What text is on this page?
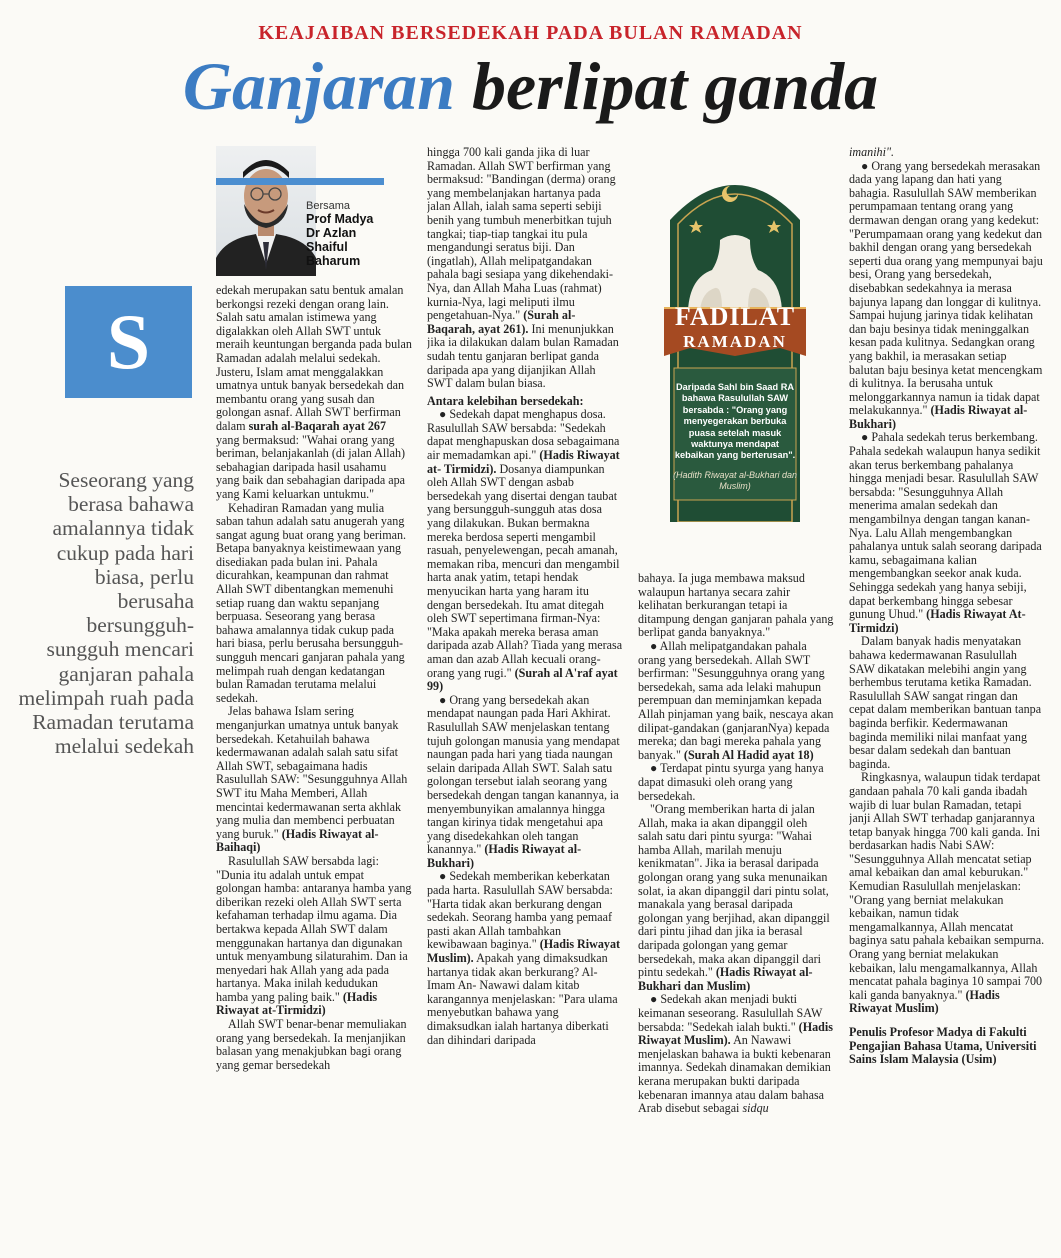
KEAJAIBAN BERSEDEKAH PADA BULAN RAMADAN
Ganjaran berlipat ganda
Bersama
Prof Madya
Dr Azlan Shaiful
Baharum
S
Seseorang yang berasa bahawa amalannya tidak cukup pada hari biasa, perlu berusaha bersungguh-sungguh mencari ganjaran pahala melimpah ruah pada Ramadan terutama melalui sedekah

edekah merupakan satu bentuk amalan berkongsi rezeki dengan orang lain. Salah satu amalan istimewa yang digalakkan oleh Allah SWT untuk meraih keuntungan berganda pada bulan Ramadan adalah melalui sedekah. Justeru, Islam amat menggalakkan umatnya untuk banyak bersedekah dan membantu orang yang susah dan golongan asnaf. Allah SWT berfirman dalam surah al-Baqarah ayat 267 yang bermaksud: "Wahai orang yang beriman, belanjakanlah (di jalan Allah) sebahagian daripada hasil usahamu yang baik dan sebahagian daripada apa yang Kami keluarkan untukmu."

Kehadiran Ramadan yang mulia saban tahun adalah satu anugerah yang sangat agung buat orang yang beriman. Betapa banyaknya keistimewaan yang disediakan pada bulan ini. Pahala dicurahkan, keampunan dan rahmat Allah SWT dibentangkan memenuhi setiap ruang dan waktu sepanjang berpuasa. Seseorang yang berasa bahawa amalannya tidak cukup pada hari biasa, perlu berusaha bersungguh-sungguh mencari ganjaran pahala yang melimpah ruah dengan kedatangan bulan Ramadan terutama melalui sedekah.

Jelas bahawa Islam sering menganjurkan umatnya untuk banyak bersedekah. Ketahuilah bahawa kedermawanan adalah salah satu sifat Allah SWT, sebagaimana hadis Rasulullah SAW: "Sesungguhnya Allah SWT itu Maha Memberi, Allah mencintai kedermawanan serta akhlak yang mulia dan membenci perbuatan yang buruk." (Hadis Riwayat al-Baihaqi)

Rasulullah SAW bersabda lagi: "Dunia itu adalah untuk empat golongan hamba: antaranya hamba yang diberikan rezeki oleh Allah SWT serta kefahaman terhadap ilmu agama. Dia bertakwa kepada Allah SWT dalam menggunakan hartanya dan digunakan untuk menyambung silaturahim. Dan ia menyedari hak Allah yang ada pada hartanya. Maka inilah kedudukan hamba yang paling baik." (Hadis Riwayat at-Tirmidzi)

Allah SWT benar-benar memuliakan orang yang bersedekah. Ia menjanjikan balasan yang menakjubkan bagi orang yang gemar bersedekah

hingga 700 kali ganda jika di luar Ramadan. Allah SWT berfirman yang bermaksud: "Bandingan (derma) orang yang membelanjakan hartanya pada jalan Allah, ialah sama seperti sebiji benih yang tumbuh menerbitkan tujuh tangkai; tiap-tiap tangkai itu pula mengandungi seratus biji. Dan (ingatlah), Allah melipatgandakan pahala bagi sesiapa yang dikehendaki-Nya, dan Allah Maha Luas (rahmat) kurnia-Nya, lagi meliputi ilmu pengetahuan-Nya." (Surah al-Baqarah, ayat 261). Ini menunjukkan jika ia dilakukan dalam bulan Ramadan sudah tentu ganjaran berlipat ganda daripada apa yang dijanjikan Allah SWT dalam bulan biasa.

Antara kelebihan bersedekah:

● Sedekah dapat menghapus dosa. Rasulullah SAW bersabda: "Sedekah dapat menghapuskan dosa sebagaimana air memadamkan api." (Hadis Riwayat at- Tirmidzi). Dosanya diampunkan oleh Allah SWT dengan asbab bersedekah yang disertai dengan taubat yang bersungguh-sungguh atas dosa yang dilakukan. Bukan bermakna mereka berdosa seperti mengambil rasuah, penyelewengan, pecah amanah, memakan riba, mencuri dan mengambil harta anak yatim, tetapi hendak menyucikan harta yang haram itu dengan bersedekah. Itu amat ditegah oleh SWT sepertimana firman-Nya: "Maka apakah mereka berasa aman daripada azab Allah? Tiada yang merasa aman dan azab Allah kecuali orang-orang yang rugi." (Surah al A'raf ayat 99)

● Orang yang bersedekah akan mendapat naungan pada Hari Akhirat. Rasulullah SAW menjelaskan tentang tujuh golongan manusia yang mendapat naungan pada hari yang tiada naungan selain daripada Allah SWT. Salah satu golongan tersebut ialah seorang yang bersedekah dengan tangan kanannya, ia menyembunyikan amalannya hingga tangan kirinya tidak mengetahui apa yang disedekahkan oleh tangan kanannya." (Hadis Riwayat al-Bukhari)

● Sedekah memberikan keberkatan pada harta. Rasulullah SAW bersabda: "Harta tidak akan berkurang dengan sedekah. Seorang hamba yang pemaaf pasti akan Allah tambahkan kewibawaan baginya." (Hadis Riwayat Muslim). Apakah yang dimaksudkan hartanya tidak akan berkurang? Al-Imam An- Nawawi dalam kitab karangannya menjelaskan: "Para ulama menyebutkan bahawa yang dimaksudkan ialah hartanya diberkati dan dihindari daripada

FADILAT
RAMADAN
Daripada Sahl bin Saad RA bahawa Rasulullah SAW bersabda : "Orang yang menyegerakan berbuka puasa setelah masuk waktunya mendapat kebaikan yang berterusan".
(Hadith Riwayat al-Bukhari dan Muslim)

bahaya. Ia juga membawa maksud walaupun hartanya secara zahir kelihatan berkurangan tetapi ia ditampung dengan ganjaran pahala yang berlipat ganda banyaknya."

● Allah melipatgandakan pahala orang yang bersedekah. Allah SWT berfirman: "Sesungguhnya orang yang bersedekah, sama ada lelaki mahupun perempuan dan meminjamkan kepada Allah pinjaman yang baik, nescaya akan dilipat-gandakan (ganjaranNya) kepada mereka; dan bagi mereka pahala yang banyak." (Surah Al Hadid ayat 18)

● Terdapat pintu syurga yang hanya dapat dimasuki oleh orang yang bersedekah.

"Orang memberikan harta di jalan Allah, maka ia akan dipanggil oleh salah satu dari pintu syurga: "Wahai hamba Allah, marilah menuju kenikmatan". Jika ia berasal daripada golongan orang yang suka menunaikan solat, ia akan dipanggil dari pintu solat, manakala yang berasal daripada golongan yang berjihad, akan dipanggil dari pintu jihad dan jika ia berasal daripada golongan yang gemar bersedekah, maka akan dipanggil dari pintu sedekah." (Hadis Riwayat al-Bukhari dan Muslim)

● Sedekah akan menjadi bukti keimanan seseorang. Rasulullah SAW bersabda: "Sedekah ialah bukti." (Hadis Riwayat Muslim). An Nawawi menjelaskan bahawa ia bukti kebenaran imannya. Sedekah dinamakan demikian kerana merupakan bukti daripada kebenaran imannya atau dalam bahasa Arab disebut sebagai sidqu

imanihi".

● Orang yang bersedekah merasakan dada yang lapang dan hati yang bahagia. Rasulullah SAW memberikan perumpamaan tentang orang yang dermawan dengan orang yang kedekut: "Perumpamaan orang yang kedekut dan bakhil dengan orang yang bersedekah seperti dua orang yang mempunyai baju besi, Orang yang bersedekah, disebabkan sedekahnya ia merasa bajunya lapang dan longgar di kulitnya. Sampai hujung jarinya tidak kelihatan dan baju besinya tidak meninggalkan kesan pada kulitnya. Sedangkan orang yang bakhil, ia merasakan setiap balutan baju besinya ketat mencengkam di kulitnya. Ia berusaha untuk melonggarkannya namun ia tidak dapat melakukannya." (Hadis Riwayat al-Bukhari)

● Pahala sedekah terus berkembang. Pahala sedekah walaupun hanya sedikit akan terus berkembang pahalanya hingga menjadi besar. Rasulullah SAW bersabda: "Sesungguhnya Allah menerima amalan sedekah dan mengambilnya dengan tangan kanan-Nya. Lalu Allah mengembangkan pahalanya untuk salah seorang daripada kamu, sebagaimana kalian mengembangkan seekor anak kuda. Sehingga sedekah yang hanya sebiji, dapat berkembang hingga sebesar gunung Uhud." (Hadis Riwayat At-Tirmidzi)

Dalam banyak hadis menyatakan bahawa kedermawanan Rasulullah SAW dikatakan melebihi angin yang berhembus terutama ketika Ramadan. Rasulullah SAW sangat ringan dan cepat dalam memberikan bantuan tanpa baginda berfikir. Kedermawanan baginda memiliki nilai manfaat yang besar dalam sedekah dan bantuan baginda.

Ringkasnya, walaupun tidak terdapat gandaan pahala 70 kali ganda ibadah wajib di luar bulan Ramadan, tetapi janji Allah SWT terhadap ganjarannya tetap banyak hingga 700 kali ganda. Ini berdasarkan hadis Nabi SAW: "Sesungguhnya Allah mencatat setiap amal kebaikan dan amal keburukan." Kemudian Rasulullah menjelaskan: "Orang yang berniat melakukan kebaikan, namun tidak mengamalkannya, Allah mencatat baginya satu pahala kebaikan sempurna. Orang yang berniat melakukan kebaikan, lalu mengamalkannya, Allah mencatat pahala baginya 10 sampai 700 kali ganda banyaknya." (Hadis Riwayat Muslim)

Penulis Profesor Madya di Fakulti Pengajian Bahasa Utama, Universiti Sains Islam Malaysia (Usim)
